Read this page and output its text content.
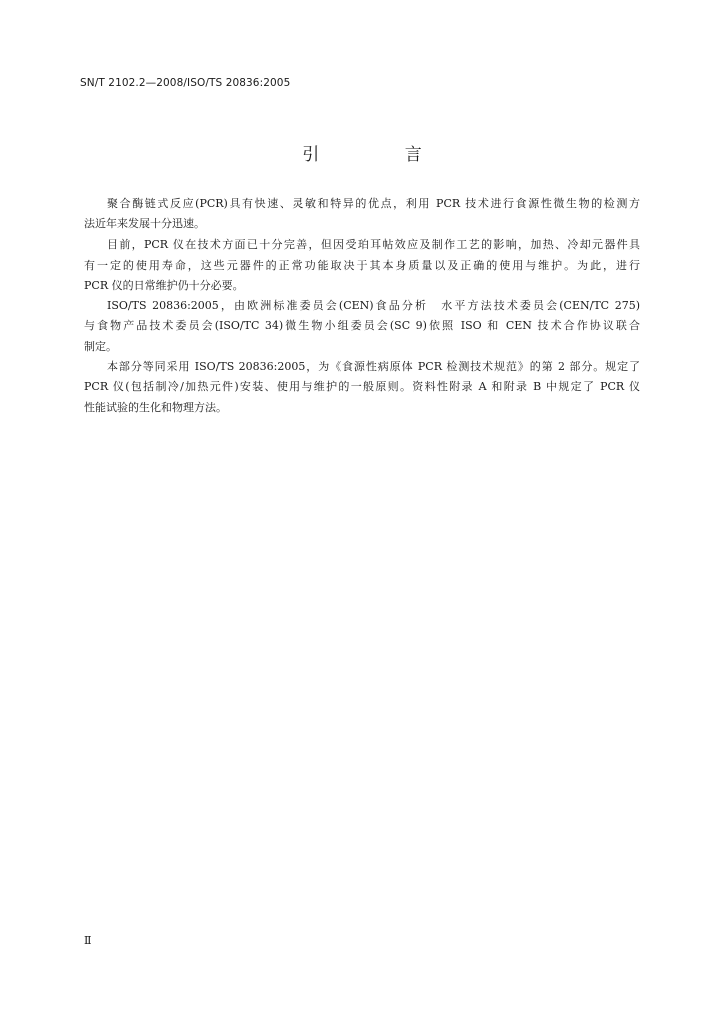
SN/T 2102.2—2008/ISO/TS 20836:2005
引 言
聚合酶链式反应(PCR)具有快速、灵敏和特异的优点，利用 PCR 技术进行食源性微生物的检测方
法近年来发展十分迅速。
目前，PCR 仪在技术方面已十分完善，但因受珀耳帖效应及制作工艺的影响，加热、冷却元器件具
有一定的使用寿命，这些元器件的正常功能取决于其本身质量以及正确的使用与维护。为此，进行
PCR 仪的日常维护仍十分必要。
ISO/TS 20836:2005，由欧洲标准委员会(CEN)食品分析　水平方法技术委员会(CEN/TC 275)
与食物产品技术委员会(ISO/TC 34)微生物小组委员会(SC 9)依照 ISO 和 CEN 技术合作协议联合
制定。
本部分等同采用 ISO/TS 20836:2005，为《食源性病原体 PCR 检测技术规范》的第 2 部分。规定了
PCR 仪(包括制冷/加热元件)安装、使用与维护的一般原则。资料性附录 A 和附录 B 中规定了 PCR 仪
性能试验的生化和物理方法。
Ⅱ
